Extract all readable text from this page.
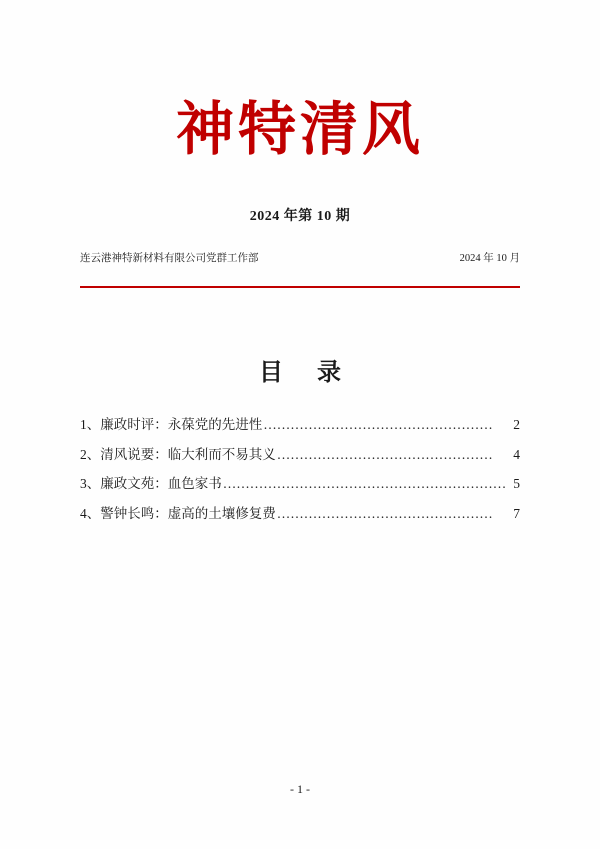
神特清风
2024 年第 10 期
连云港神特新材料有限公司党群工作部	2024 年 10 月
目 录
1、廉政时评：永葆党的先进性 ……………………………………………	2
2、清风说要：临大利而不易其义 …………………………………………	4
3、廉政文苑：血色家书 ……………………………………………………… 5
4、警钟长鸣：虚高的土壤修复费 …………………………………………	7
- 1 -
